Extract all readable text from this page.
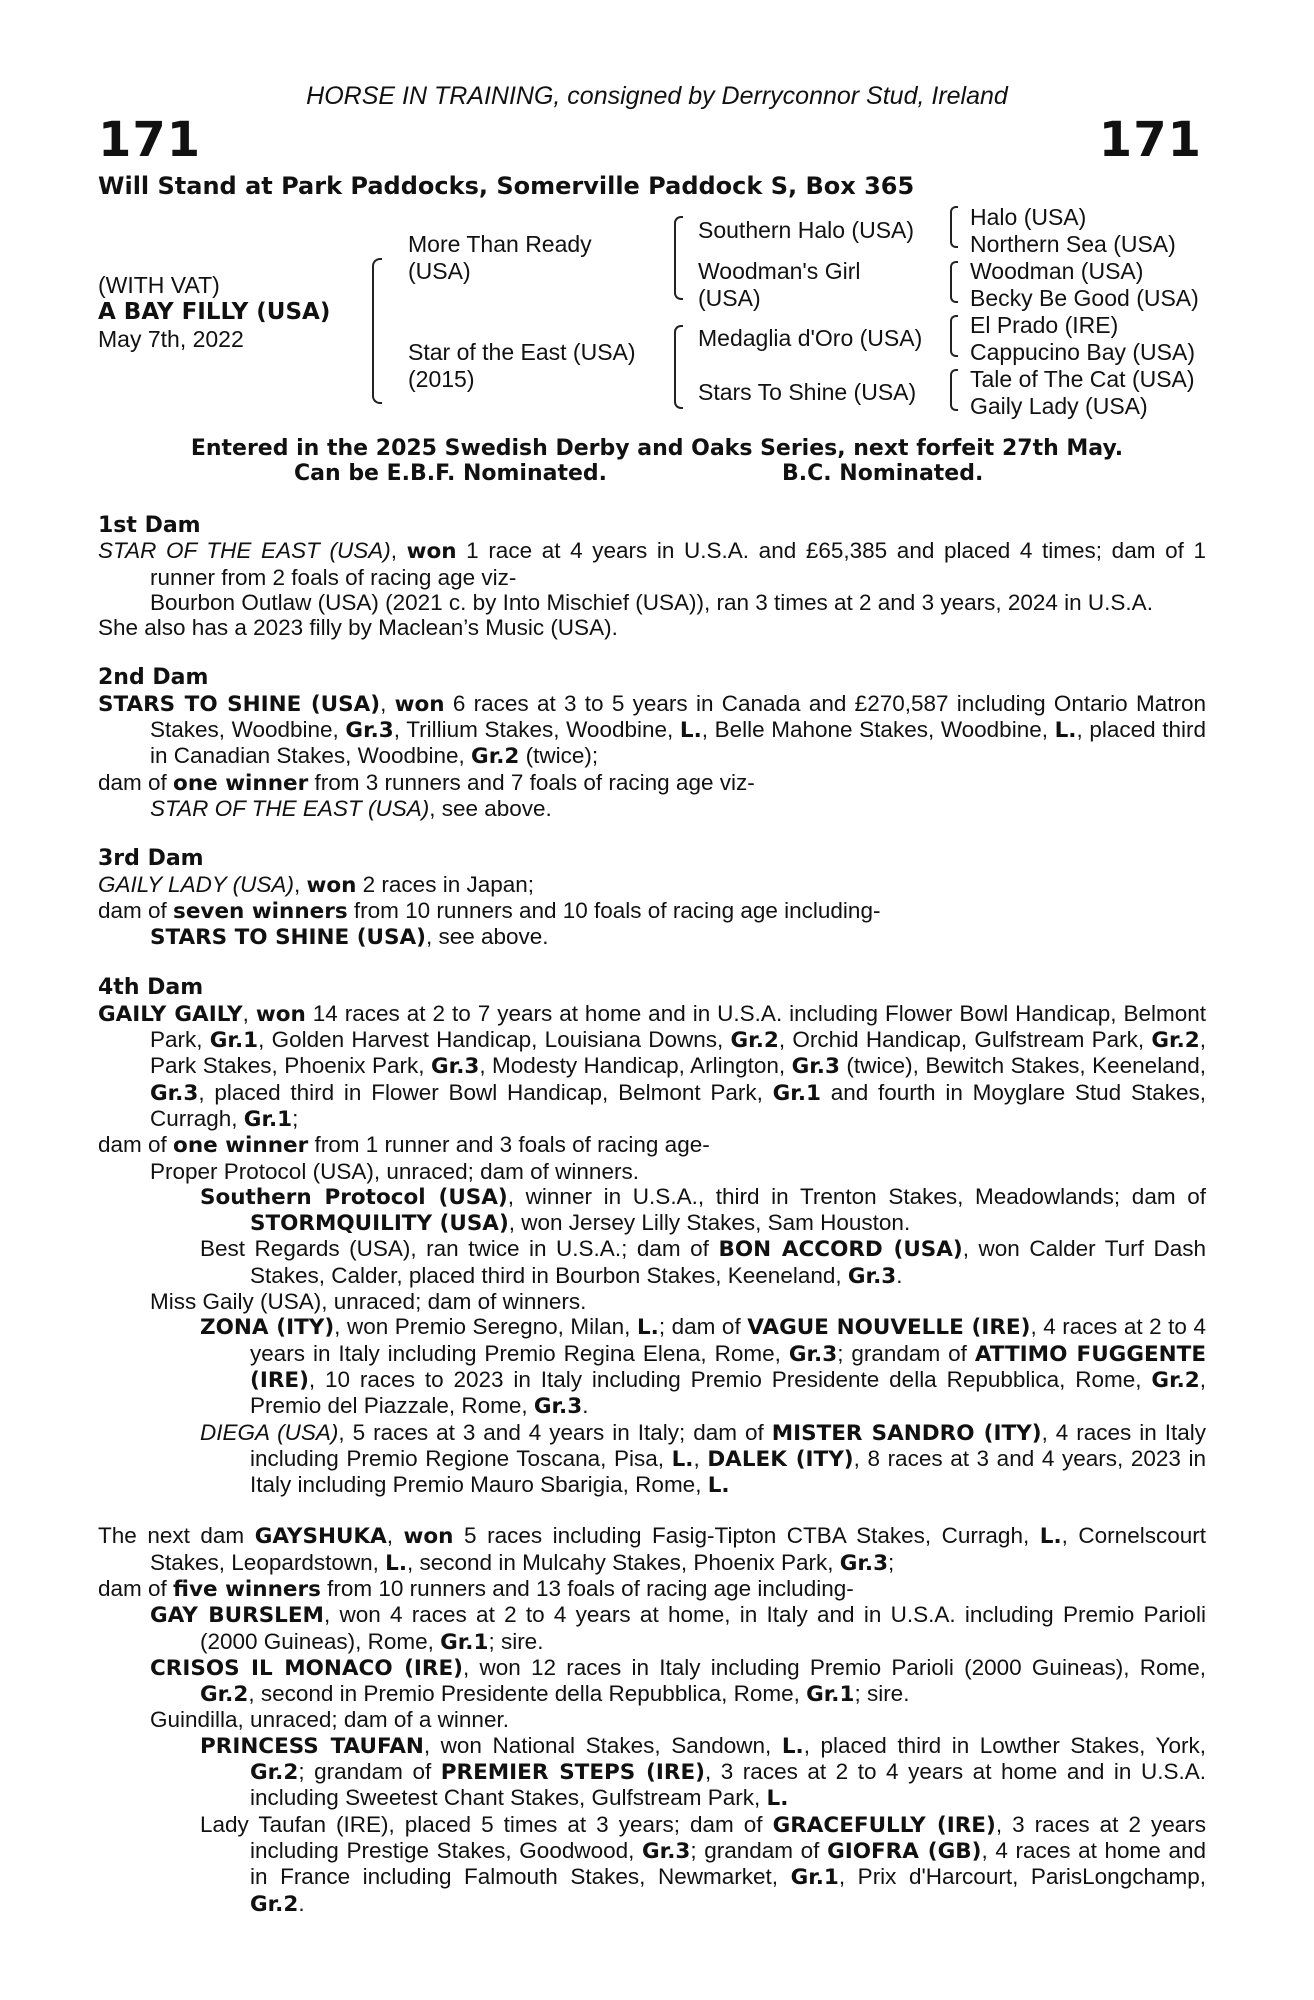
HORSE IN TRAINING, consigned by Derryconnor Stud, Ireland
171	171
Will Stand at Park Paddocks, Somerville Paddock S, Box 365
(WITH VAT)
A BAY FILLY (USA)
May 7th, 2022
More Than Ready
(USA)
Star of the East (USA)
(2015)
Southern Halo (USA)
Woodman's Girl
(USA)
Medaglia d'Oro (USA)
Stars To Shine (USA)
Halo (USA)
Northern Sea (USA)
Woodman (USA)
Becky Be Good (USA)
El Prado (IRE)
Cappucino Bay (USA)
Tale of The Cat (USA)
Gaily Lady (USA)
Entered in the 2025 Swedish Derby and Oaks Series, next forfeit 27th May.
Can be E.B.F. Nominated.	B.C. Nominated.

1st Dam

STAR OF THE EAST (USA), won 1 race at 4 years in U.S.A. and £65,385 and placed 4 times; dam of 1 runner from 2 foals of racing age viz-

Bourbon Outlaw (USA) (2021 c. by Into Mischief (USA)), ran 3 times at 2 and 3 years, 2024 in U.S.A.

She also has a 2023 filly by Maclean’s Music (USA).

2nd Dam

STARS TO SHINE (USA), won 6 races at 3 to 5 years in Canada and £270,587 including Ontario Matron Stakes, Woodbine, Gr.3, Trillium Stakes, Woodbine, L., Belle Mahone Stakes, Woodbine, L., placed third in Canadian Stakes, Woodbine, Gr.2 (twice);

dam of one winner from 3 runners and 7 foals of racing age viz-

STAR OF THE EAST (USA), see above.

3rd Dam

GAILY LADY (USA), won 2 races in Japan;

dam of seven winners from 10 runners and 10 foals of racing age including-

STARS TO SHINE (USA), see above.

4th Dam

GAILY GAILY, won 14 races at 2 to 7 years at home and in U.S.A. including Flower Bowl Handicap, Belmont Park, Gr.1, Golden Harvest Handicap, Louisiana Downs, Gr.2, Orchid Handicap, Gulfstream Park, Gr.2, Park Stakes, Phoenix Park, Gr.3, Modesty Handicap, Arlington, Gr.3 (twice), Bewitch Stakes, Keeneland, Gr.3, placed third in Flower Bowl Handicap, Belmont Park, Gr.1 and fourth in Moyglare Stud Stakes, Curragh, Gr.1;

dam of one winner from 1 runner and 3 foals of racing age-

Proper Protocol (USA), unraced; dam of winners.

Southern Protocol (USA), winner in U.S.A., third in Trenton Stakes, Meadowlands; dam of STORMQUILITY (USA), won Jersey Lilly Stakes, Sam Houston.

Best Regards (USA), ran twice in U.S.A.; dam of BON ACCORD (USA), won Calder Turf Dash Stakes, Calder, placed third in Bourbon Stakes, Keeneland, Gr.3.

Miss Gaily (USA), unraced; dam of winners.

ZONA (ITY), won Premio Seregno, Milan, L.; dam of VAGUE NOUVELLE (IRE), 4 races at 2 to 4 years in Italy including Premio Regina Elena, Rome, Gr.3; grandam of ATTIMO FUGGENTE (IRE), 10 races to 2023 in Italy including Premio Presidente della Repubblica, Rome, Gr.2, Premio del Piazzale, Rome, Gr.3.

DIEGA (USA), 5 races at 3 and 4 years in Italy; dam of MISTER SANDRO (ITY), 4 races in Italy including Premio Regione Toscana, Pisa, L., DALEK (ITY), 8 races at 3 and 4 years, 2023 in Italy including Premio Mauro Sbarigia, Rome, L.

The next dam GAYSHUKA, won 5 races including Fasig-Tipton CTBA Stakes, Curragh, L., Cornelscourt Stakes, Leopardstown, L., second in Mulcahy Stakes, Phoenix Park, Gr.3;

dam of five winners from 10 runners and 13 foals of racing age including-

GAY BURSLEM, won 4 races at 2 to 4 years at home, in Italy and in U.S.A. including Premio Parioli (2000 Guineas), Rome, Gr.1; sire.

CRISOS IL MONACO (IRE), won 12 races in Italy including Premio Parioli (2000 Guineas), Rome, Gr.2, second in Premio Presidente della Repubblica, Rome, Gr.1; sire.

Guindilla, unraced; dam of a winner.

PRINCESS TAUFAN, won National Stakes, Sandown, L., placed third in Lowther Stakes, York, Gr.2; grandam of PREMIER STEPS (IRE), 3 races at 2 to 4 years at home and in U.S.A. including Sweetest Chant Stakes, Gulfstream Park, L.

Lady Taufan (IRE), placed 5 times at 3 years; dam of GRACEFULLY (IRE), 3 races at 2 years including Prestige Stakes, Goodwood, Gr.3; grandam of GIOFRA (GB), 4 races at home and in France including Falmouth Stakes, Newmarket, Gr.1, Prix d'Harcourt, ParisLongchamp, Gr.2.
